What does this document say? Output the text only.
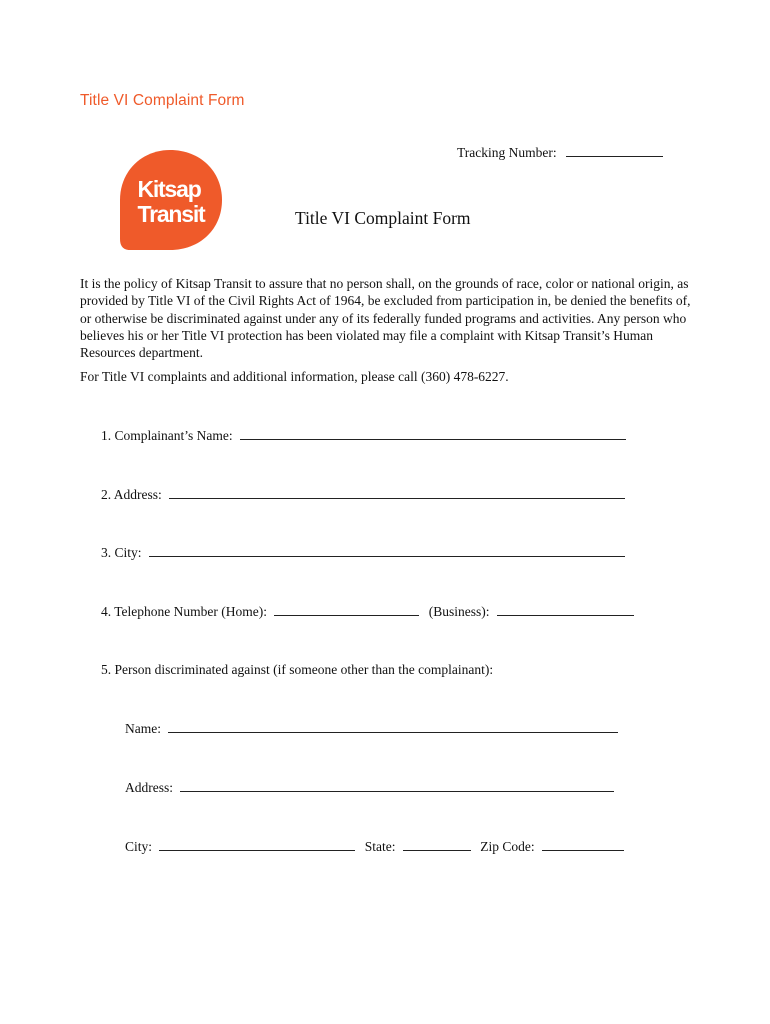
Title VI Complaint Form
Tracking Number:
Kitsap
Transit	Title VI Complaint Form

It is the policy of Kitsap Transit to assure that no person shall, on the grounds of race, color or national origin, as provided by Title VI of the Civil Rights Act of 1964, be excluded from participation in, be denied the benefits of, or otherwise be discriminated against under any of its federally funded programs and activities. Any person who believes his or her Title VI protection has been violated may file a complaint with Kitsap Transit’s Human Resources department.

For Title VI complaints and additional information, please call (360) 478-6227.
1. Complainant’s Name:
2. Address:
3. City:
4. Telephone Number (Home):	(Business):
5. Person discriminated against (if someone other than the complainant):
Name:
Address:
City:	State:	Zip Code:
